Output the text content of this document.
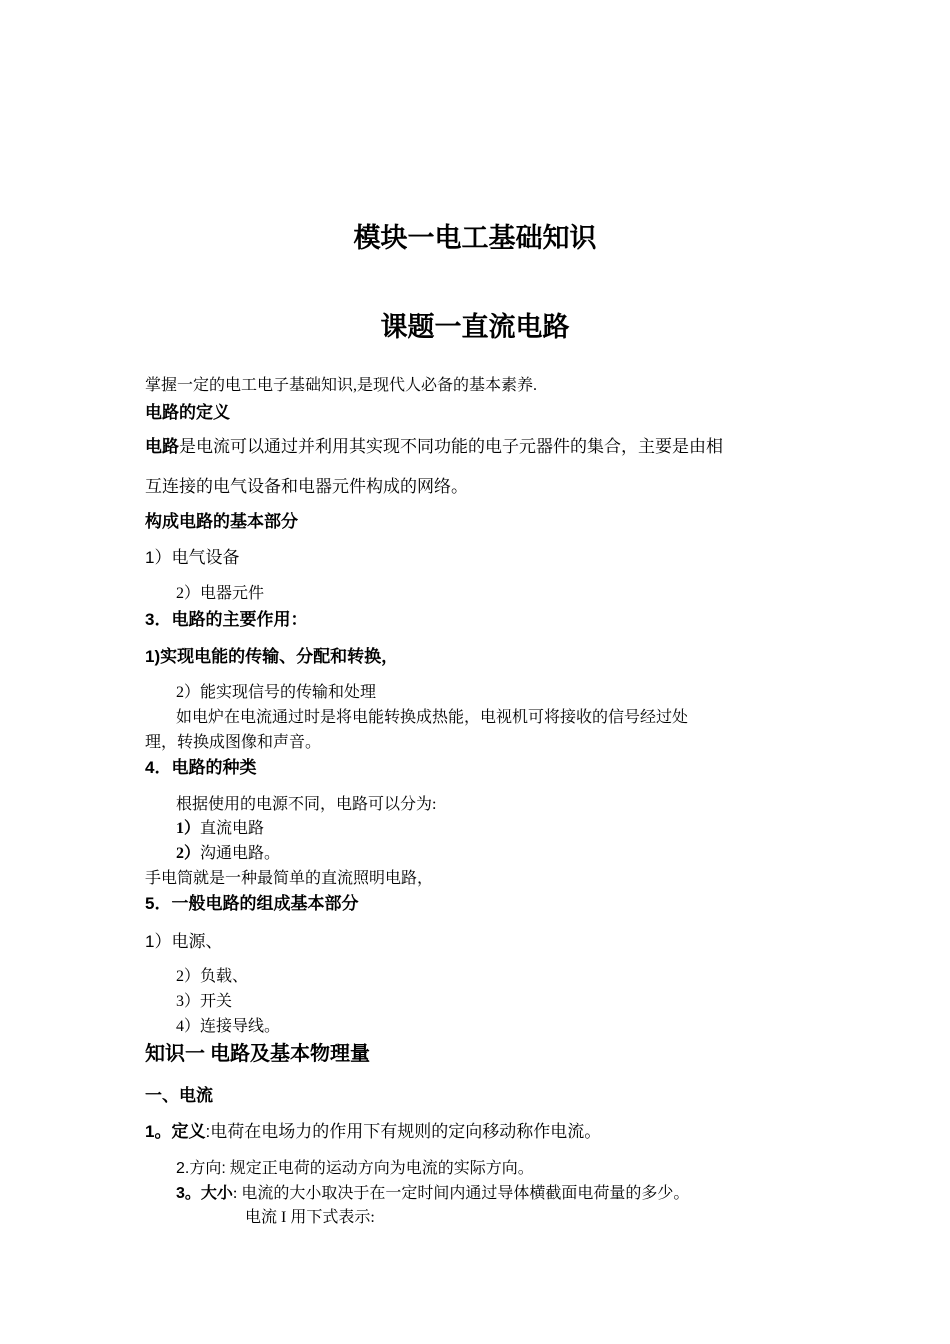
模块一电工基础知识
课题一直流电路
掌握一定的电工电子基础知识,是现代人必备的基本素养.
电路的定义
电路是电流可以通过并利用其实现不同功能的电子元器件的集合，主要是由相
互连接的电气设备和电器元件构成的网络。
构成电路的基本部分
1）电气设备
2）电器元件
3．电路的主要作用：
1)实现电能的传输、分配和转换，
2）能实现信号的传输和处理
如电炉在电流通过时是将电能转换成热能，电视机可将接收的信号经过处
理，转换成图像和声音。
4．电路的种类
根据使用的电源不同，电路可以分为:
1）直流电路
2）沟通电路。
手电筒就是一种最简单的直流照明电路，
5．一般电路的组成基本部分
1）电源、
2）负载、
3）开关
4）连接导线。
知识一 电路及基本物理量
一、电流
1。定义:电荷在电场力的作用下有规则的定向移动称作电流。
2.方向: 规定正电荷的运动方向为电流的实际方向。
3。大小: 电流的大小取决于在一定时间内通过导体横截面电荷量的多少。
电流 I 用下式表示:
